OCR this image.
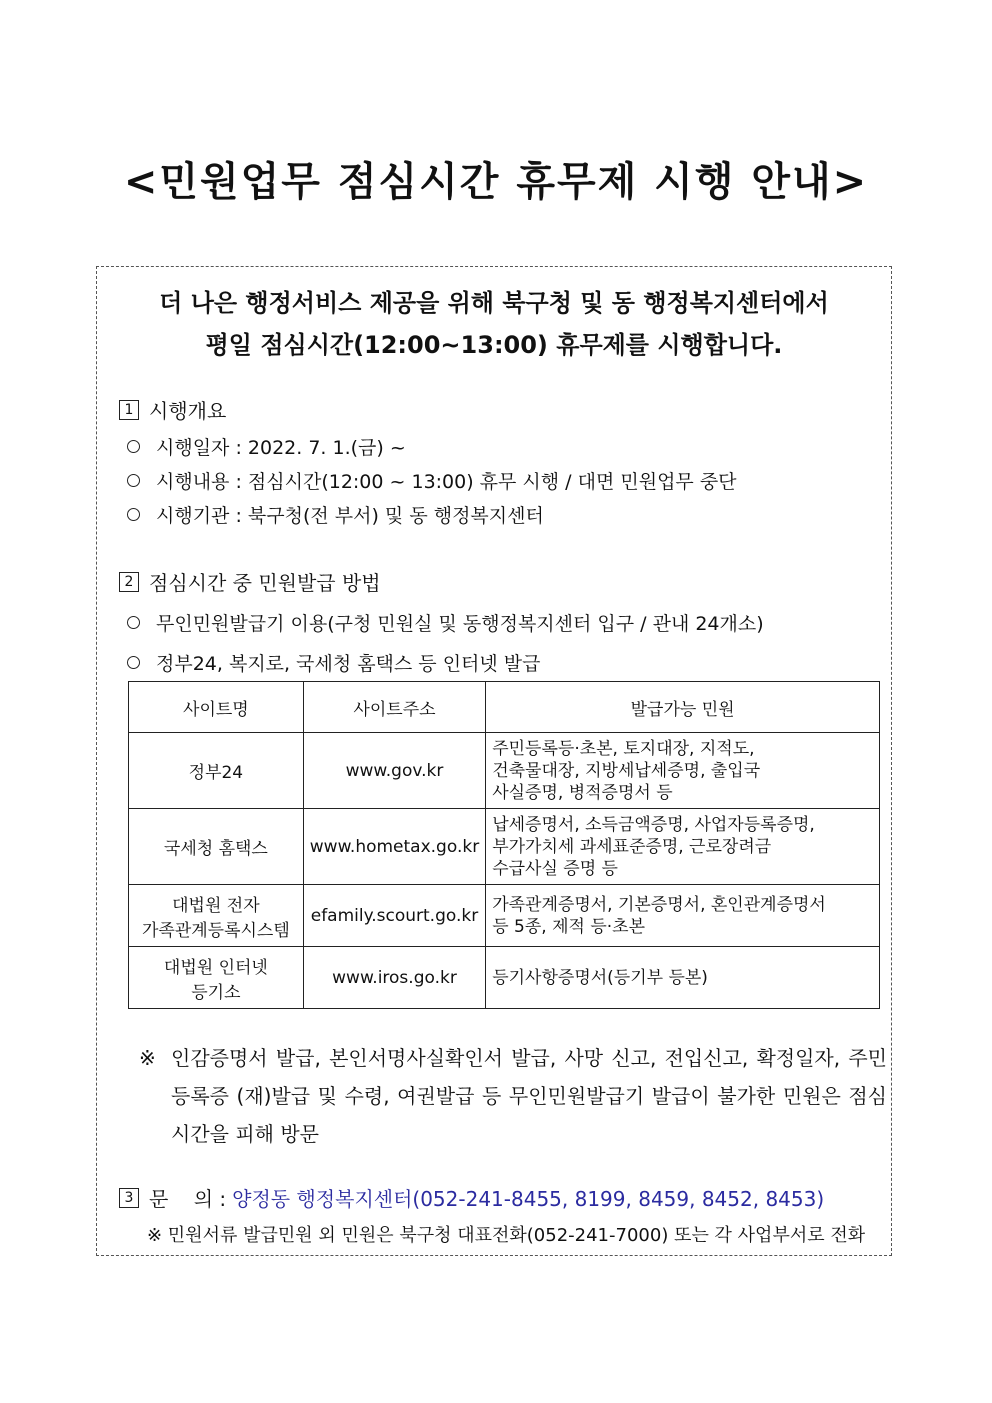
<민원업무 점심시간 휴무제 시행 안내>
더 나은 행정서비스 제공을 위해 북구청 및 동 행정복지센터에서
평일 점심시간(12:00~13:00) 휴무제를 시행합니다.
1 시행개요
시행일자 : 2022. 7. 1.(금) ~
시행내용 : 점심시간(12:00 ~ 13:00) 휴무 시행 / 대면 민원업무 중단
시행기관 : 북구청(전 부서) 및 동 행정복지센터
2 점심시간 중 민원발급 방법
무인민원발급기 이용(구청 민원실 및 동행정복지센터 입구 / 관내 24개소)
정부24, 복지로, 국세청 홈택스 등 인터넷 발급
사이트명	사이트주소	발급가능 민원
정부24	www.gov.kr	주민등록등·초본, 토지대장, 지적도,
건축물대장, 지방세납세증명, 출입국
사실증명, 병적증명서 등
국세청 홈택스	www.hometax.go.kr	납세증명서, 소득금액증명, 사업자등록증명,
부가가치세 과세표준증명, 근로장려금
수급사실 증명 등
대법원 전자
가족관계등록시스템	efamily.scourt.go.kr	가족관계증명서, 기본증명서, 혼인관계증명서
등 5종, 제적 등·초본
대법원 인터넷
등기소	www.iros.go.kr	등기사항증명서(등기부 등본)
※ 인감증명서 발급, 본인서명사실확인서 발급, 사망 신고, 전입신고, 확정일자, 주민등록증 (재)발급 및 수령, 여권발급 등 무인민원발급기 발급이 불가한 민원은 점심시간을 피해 방문
3 문    의 : 양정동 행정복지센터(052-241-8455, 8199, 8459, 8452, 8453)
※ 민원서류 발급민원 외 민원은 북구청 대표전화(052-241-7000) 또는 각 사업부서로 전화
